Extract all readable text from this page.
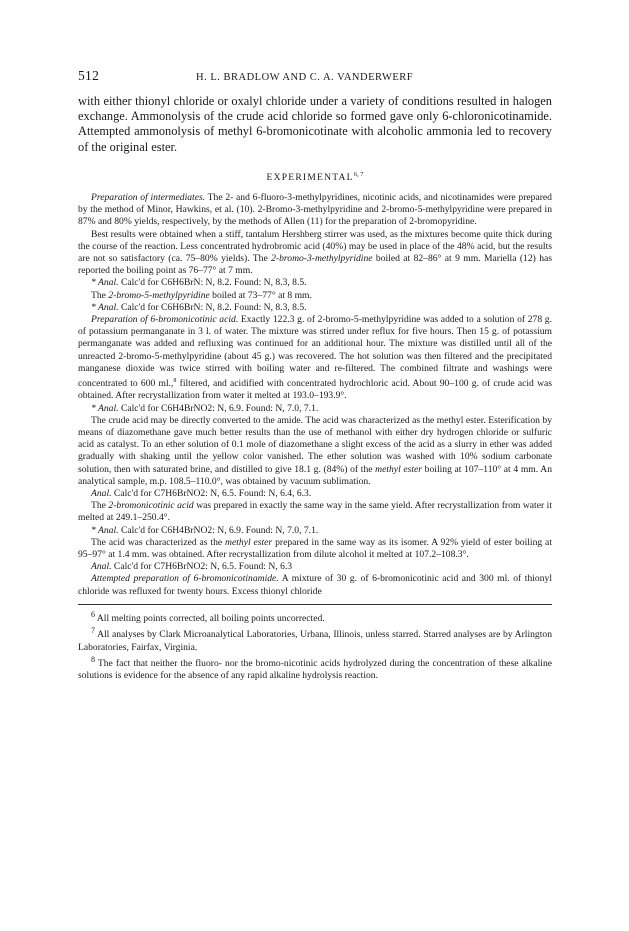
512	H. L. BRADLOW AND C. A. VANDERWERF

with either thionyl chloride or oxalyl chloride under a variety of conditions resulted in halogen exchange. Ammonolysis of the crude acid chloride so formed gave only 6-chloronicotinamide. Attempted ammonolysis of methyl 6-bromonicotinate with alcoholic ammonia led to recovery of the original ester.

EXPERIMENTAL$^{6, 7}$

Preparation of intermediates. The 2- and 6-fluoro-3-methylpyridines, nicotinic acids, and nicotinamides were prepared by the method of Minor, Hawkins, et al. (10). 2-Bromo-3-methylpyridine and 2-bromo-5-methylpyridine were prepared in 87% and 80% yields, respectively, by the methods of Allen (11) for the preparation of 2-bromopyridine.

Best results were obtained when a stiff, tantalum Hershberg stirrer was used, as the mixtures become quite thick during the course of the reaction. Less concentrated hydrobromic acid (40%) may be used in place of the 48% acid, but the results are not so satisfactory (ca. 75–80% yields). The 2-bromo-3-methylpyridine boiled at 82–86° at 9 mm. Mariella (12) has reported the boiling point as 76–77° at 7 mm.

* Anal. Calc'd for C6H6BrN: N, 8.2. Found: N, 8.3, 8.5.

The 2-bromo-5-methylpyridine boiled at 73–77° at 8 mm.

* Anal. Calc'd for C6H6BrN: N, 8.2. Found: N, 8.3, 8.5.

Preparation of 6-bromonicotinic acid. Exactly 122.3 g. of 2-bromo-5-methylpyridine was added to a solution of 278 g. of potassium permanganate in 3 l. of water. The mixture was stirred under reflux for five hours. Then 15 g. of potassium permanganate was added and refluxing was continued for an additional hour. The mixture was distilled until all of the unreacted 2-bromo-5-methylpyridine (about 45 g.) was recovered. The hot solution was then filtered and the precipitated manganese dioxide was twice stirred with boiling water and re-filtered. The combined filtrate and washings were concentrated to 600 ml.,$^8$ filtered, and acidified with concentrated hydrochloric acid. About 90–100 g. of crude acid was obtained. After recrystallization from water it melted at 193.0–193.9°.

* Anal. Calc'd for C6H4BrNO2: N, 6.9. Found: N, 7.0, 7.1.

The crude acid may be directly converted to the amide. The acid was characterized as the methyl ester. Esterification by means of diazomethane gave much better results than the use of methanol with either dry hydrogen chloride or sulfuric acid as catalyst. To an ether solution of 0.1 mole of diazomethane a slight excess of the acid as a slurry in ether was added gradually with shaking until the yellow color vanished. The ether solution was washed with 10% sodium carbonate solution, then with saturated brine, and distilled to give 18.1 g. (84%) of the methyl ester boiling at 107–110° at 4 mm. An analytical sample, m.p. 108.5–110.0°, was obtained by vacuum sublimation.

Anal. Calc'd for C7H6BrNO2: N, 6.5. Found: N, 6.4, 6.3.

The 2-bromonicotinic acid was prepared in exactly the same way in the same yield. After recrystallization from water it melted at 249.1–250.4°.

* Anal. Calc'd for C6H4BrNO2: N, 6.9. Found: N, 7.0, 7.1.

The acid was characterized as the methyl ester prepared in the same way as its isomer. A 92% yield of ester boiling at 95–97° at 1.4 mm. was obtained. After recrystallization from dilute alcohol it melted at 107.2–108.3°.

Anal. Calc'd for C7H6BrNO2: N, 6.5. Found: N, 6.3

Attempted preparation of 6-bromonicotinamide. A mixture of 30 g. of 6-bromonicotinic acid and 300 ml. of thionyl chloride was refluxed for twenty hours. Excess thionyl chloride

$^6$ All melting points corrected, all boiling points uncorrected.

$^7$ All analyses by Clark Microanalytical Laboratories, Urbana, Illinois, unless starred. Starred analyses are by Arlington Laboratories, Fairfax, Virginia.

$^8$ The fact that neither the fluoro- nor the bromo-nicotinic acids hydrolyzed during the concentration of these alkaline solutions is evidence for the absence of any rapid alkaline hydrolysis reaction.
